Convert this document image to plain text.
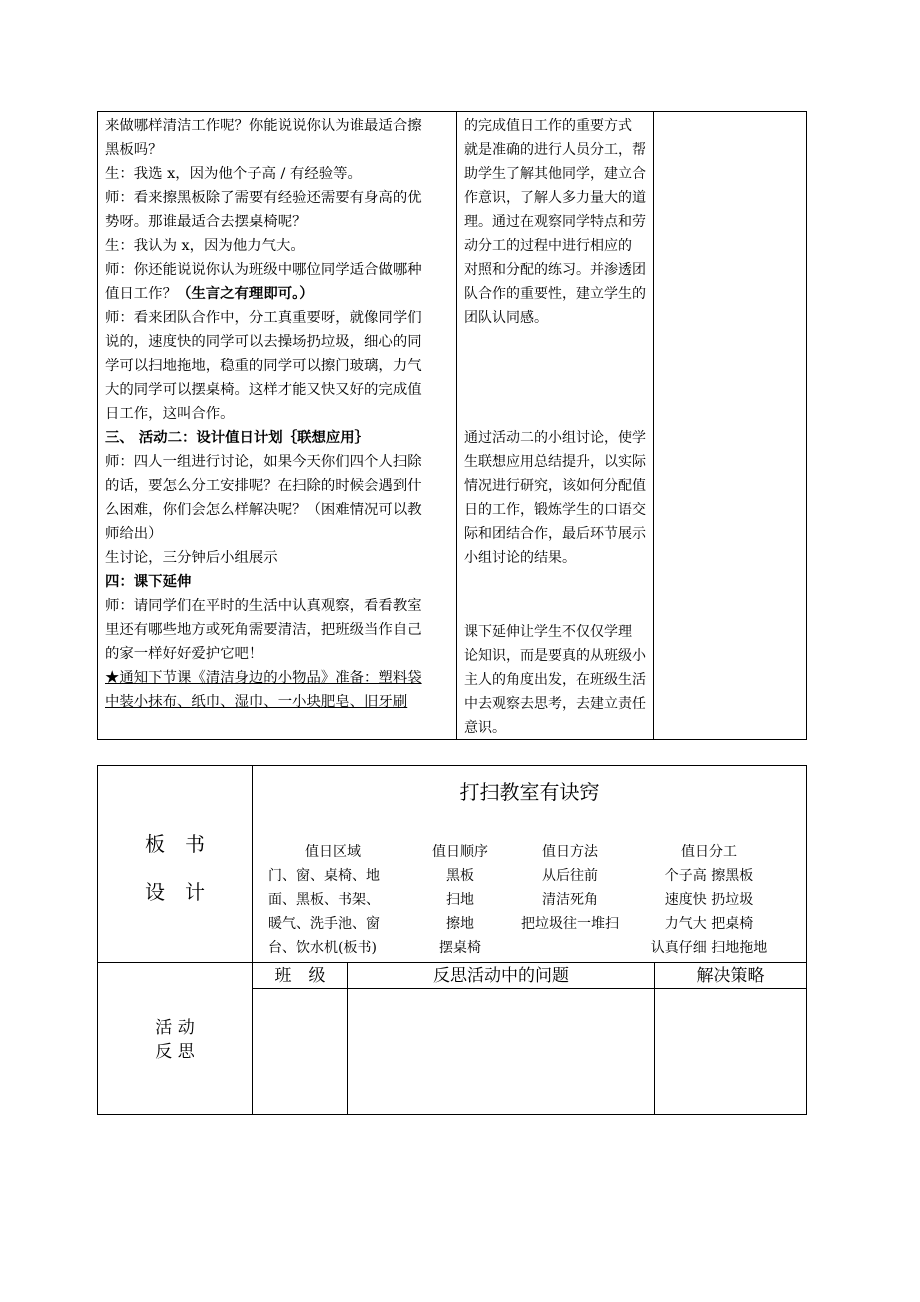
来做哪样清洁工作呢？你能说说你认为谁最适合擦
黑板吗？
生：我选 x，因为他个子高 / 有经验等。
师：看来擦黑板除了需要有经验还需要有身高的优
势呀。那谁最适合去摆桌椅呢？
生：我认为 x，因为他力气大。
师：你还能说说你认为班级中哪位同学适合做哪种
值日工作？（生言之有理即可。）
师：看来团队合作中，分工真重要呀，就像同学们
说的，速度快的同学可以去操场扔垃圾，细心的同
学可以扫地拖地，稳重的同学可以擦门玻璃，力气
大的同学可以摆桌椅。这样才能又快又好的完成值
日工作，这叫合作。
三、 活动二：设计值日计划｛联想应用｝
师：四人一组进行讨论，如果今天你们四个人扫除
的话，要怎么分工安排呢？在扫除的时候会遇到什
么困难，你们会怎么样解决呢？（困难情况可以教
师给出）
生讨论，三分钟后小组展示
四：课下延伸
师：请同学们在平时的生活中认真观察，看看教室
里还有哪些地方或死角需要清洁，把班级当作自己
的家一样好好爱护它吧！
★通知下节课《清洁身边的小物品》准备：塑料袋
中装小抹布、纸巾、湿巾、一小块肥皂、旧牙刷
的完成值日工作的重要方式
就是准确的进行人员分工，帮
助学生了解其他同学，建立合
作意识，了解人多力量大的道
理。通过在观察同学特点和劳
动分工的过程中进行相应的
对照和分配的练习。并渗透团
队合作的重要性，建立学生的
团队认同感。
通过活动二的小组讨论，使学
生联想应用总结提升，以实际
情况进行研究，该如何分配值
日的工作，锻炼学生的口语交
际和团结合作，最后环节展示
小组讨论的结果。
课下延伸让学生不仅仅学理
论知识，而是要真的从班级小
主人的角度出发，在班级生活
中去观察去思考，去建立责任
意识。
板　书
设　计
打扫教室有诀窍
值日区域
门、窗、桌椅、地
面、黑板、书架、
暖气、洗手池、窗
台、饮水机(板书)
值日顺序
黑板
扫地
擦地
摆桌椅
值日方法
从后往前
清洁死角
把垃圾往一堆扫
值日分工
个子高 擦黑板
速度快 扔垃圾
力气大 把桌椅
认真仔细 扫地拖地
活 动
反 思
班　级	反思活动中的问题	解决策略
